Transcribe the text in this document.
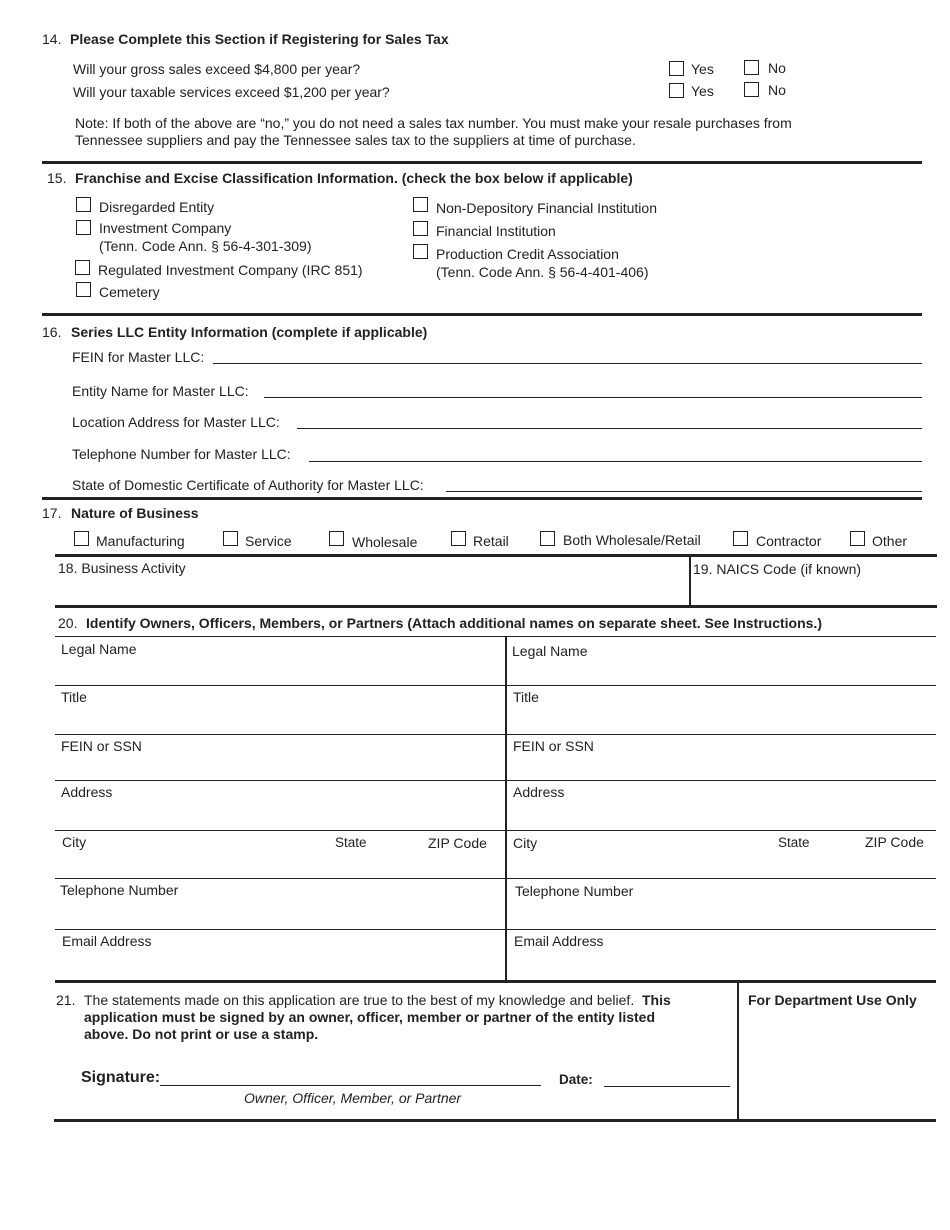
14. Please Complete this Section if Registering for Sales Tax
Will your gross sales exceed $4,800 per year?	Yes	No
Will your taxable services exceed $1,200 per year?	Yes	No
Note: If both of the above are “no,” you do not need a sales tax number. You must make your resale purchases from
Tennessee suppliers and pay the Tennessee sales tax to the suppliers at time of purchase.
15. Franchise and Excise Classification Information. (check the box below if applicable)
Disregarded Entity
Investment Company
(Tenn. Code Ann. § 56-4-301-309)
Regulated Investment Company (IRC 851)
Cemetery
Non-Depository Financial Institution
Financial Institution
Production Credit Association
(Tenn. Code Ann. § 56-4-401-406)
16. Series LLC Entity Information (complete if applicable)
FEIN for Master LLC:
Entity Name for Master LLC:
Location Address for Master LLC:
Telephone Number for Master LLC:
State of Domestic Certificate of Authority for Master LLC:
17. Nature of Business
Manufacturing	Service	Wholesale	Retail	Both Wholesale/Retail	Contractor	Other
18. Business Activity	19. NAICS Code (if known)
20. Identify Owners, Officers, Members, or Partners (Attach additional names on separate sheet. See Instructions.)
Legal Name
Title
FEIN or SSN
Address
City	State	ZIP Code
Telephone Number
Email Address
Legal Name
Title
FEIN or SSN
Address
City	State	ZIP Code
Telephone Number
Email Address
21. The statements made on this application are true to the best of my knowledge and belief. This
application must be signed by an owner, officer, member or partner of the entity listed
above. Do not print or use a stamp.
Signature:
Owner, Officer, Member, or Partner
Date:
For Department Use Only
